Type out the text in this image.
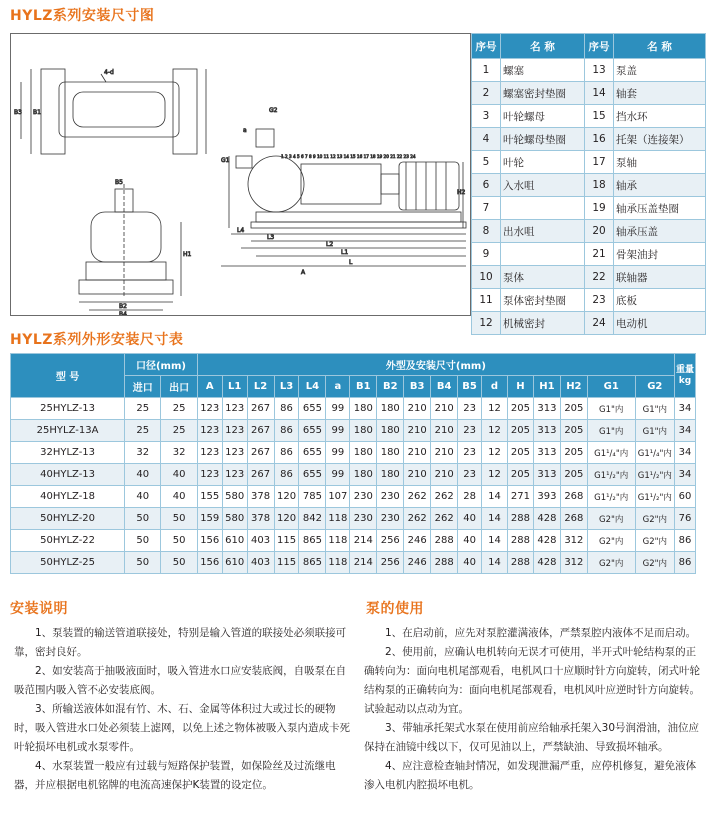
HYLZ系列安装尺寸图
4-d
B1
B3
B5
H1
B2
B4
G2
a
G1
L4
L3
L2
L1
L
H2
A
1 2 3 4 5 6 7 8 9 10 11 12 13 14 15 16 17 18 19 20 21 22 23 24
序号	名 称	序号	名 称
1	螺塞	13	泵盖
2	螺塞密封垫圈	14	轴套
3	叶轮螺母	15	挡水环
4	叶轮螺母垫圈	16	托架（连接架）
5	叶轮	17	泵轴
6	入水咀	18	轴承
7		19	轴承压盖垫圈
8	出水咀	20	轴承压盖
9		21	骨架油封
10	泵体	22	联轴器
11	泵体密封垫圈	23	底板
12	机械密封	24	电动机
HYLZ系列外形安装尺寸表
型 号	口径(mm)		外型及安装尺寸(mm)																	重量
kg
	进口	出口	A	L1	L2	L3	L4	a	B1	B2	B3	B4	B5	d	H	H1	H2	G1	G2	
25HYLZ-13	25	25	123	123	267	86	655	99	180	180	210	210	23	12	205	313	205	G1"内	G1"内	34
25HYLZ-13A	25	25	123	123	267	86	655	99	180	180	210	210	23	12	205	313	205	G1"内	G1"内	34
32HYLZ-13	32	32	123	123	267	86	655	99	180	180	210	210	23	12	205	313	205	G1¹/₄"内	G1¹/₄"内	34
40HYLZ-13	40	40	123	123	267	86	655	99	180	180	210	210	23	12	205	313	205	G1¹/₂"内	G1¹/₂"内	34
40HYLZ-18	40	40	155	580	378	120	785	107	230	230	262	262	28	14	271	393	268	G1¹/₂"内	G1¹/₂"内	60
50HYLZ-20	50	50	159	580	378	120	842	118	230	230	262	262	40	14	288	428	268	G2"内	G2"内	76
50HYLZ-22	50	50	156	610	403	115	865	118	214	256	246	288	40	14	288	428	312	G2"内	G2"内	86
50HYLZ-25	50	50	156	610	403	115	865	118	214	256	246	288	40	14	288	428	312	G2"内	G2"内	86
安装说明	泵的使用

1、泵装置的输送管道联接处，特别是输入管道的联接处必须联接可靠，密封良好。

2、如安装高于抽吸液面时，吸入管进水口应安装底阀，自吸泵在自吸范围内吸入管不必安装底阀。

3、所输送液体如混有竹、木、石、金属等体积过大或过长的硬物时，吸入管进水口处必须装上滤网，以免上述之物体被吸入泵内造成卡死叶轮损坏电机或水泵零件。

4、水泵装置一般应有过载与短路保护装置，如保险丝及过流继电器，并应根据电机铭牌的电流高速保护K装置的设定位。

1、在启动前，应先对泵腔灌满液体，严禁泵腔内液体不足而启动。

2、使用前，应确认电机转向无误才可使用，半开式叶轮结构泵的正确转向为：面向电机尾部观看，电机风口十应顺时针方向旋转，闭式叶轮结构泵的正确转向为：面向电机尾部观看，电机风叶应逆时针方向旋转。试验起动以点动为宜。

3、带轴承托架式水泵在使用前应给轴承托架入30号润滑油，油位应保持在油镜中线以下，仅可见油以上，严禁缺油、导致损坏轴承。

4、应注意检查轴封情况，如发现泄漏严重，应停机修复，避免液体渗入电机内腔损坏电机。
